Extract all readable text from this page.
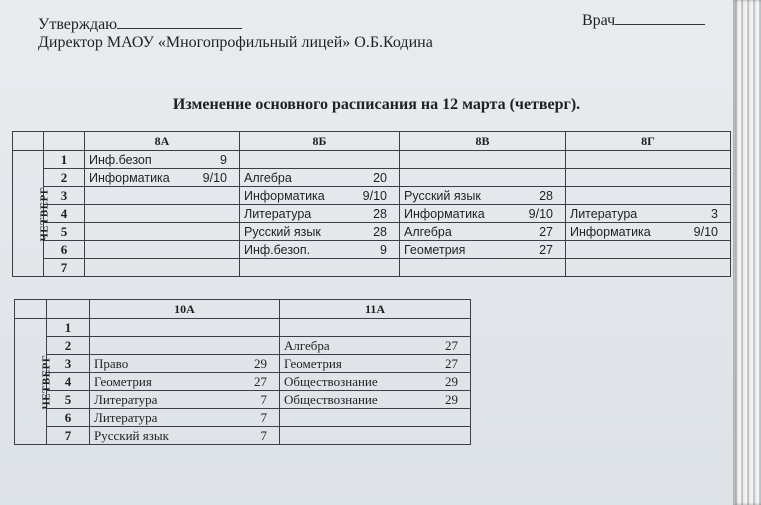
Утверждаю
Директор МАОУ «Многопрофильный лицей» О.Б.Кодина
Врач
Изменение основного расписания на 12 марта (четверг).
		8А	8Б	8В	8Г
ЧЕТВЕРГ	1	Инф.безоп 9			

	2	Информатика 9/10	Алгебра 20		

	3		Информатика 9/10	Русский язык 28	

	4		Литература 28	Информатика 9/10	Литература 3

	5		Русский язык 28	Алгебра 27	Информатика 9/10

	6		Инф.безоп. 9	Геометрия 27	

	7	

		10А	11А
ЧЕТВЕРГ	1	

	2		Алгебра 27

	3	Право 29	Геометрия 27

	4	Геометрия 27	Обществознание 29

	5	Литература 7	Обществознание 29

	6	Литература 7	

	7	Русский язык 7	
